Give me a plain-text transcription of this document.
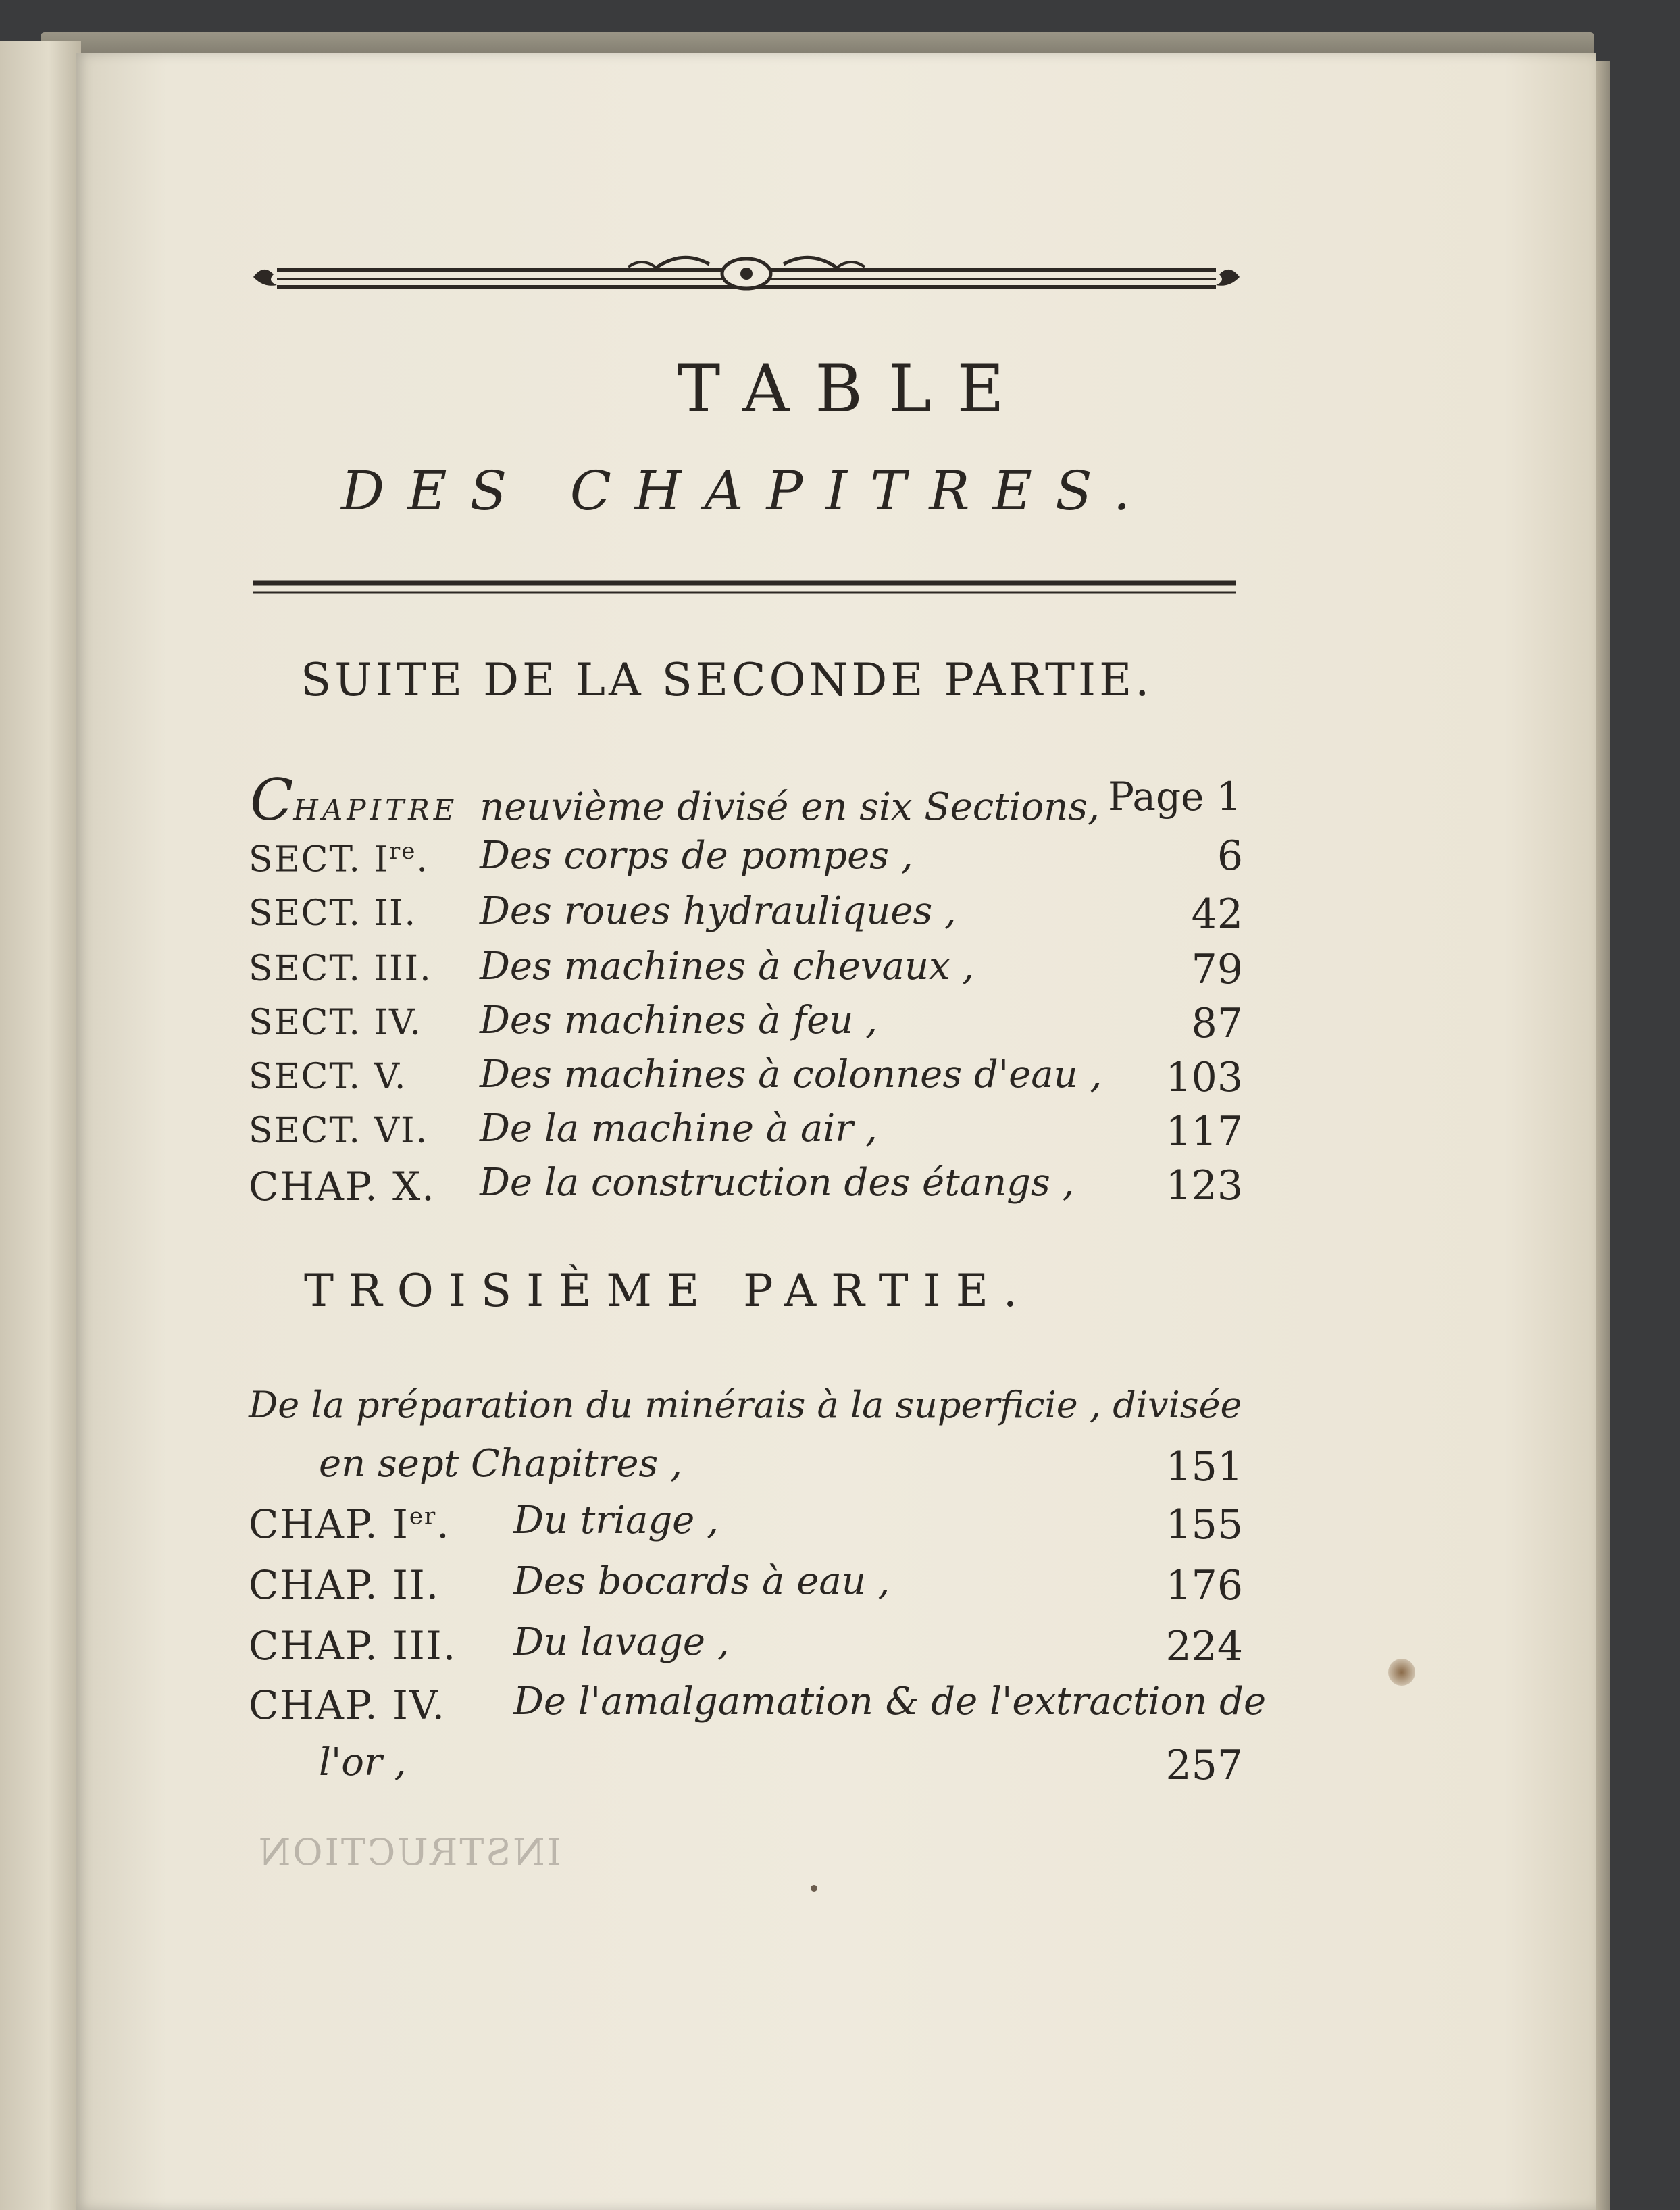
TABLE
DES CHAPITRES.
SUITE DE LA SECONDE PARTIE.
CHAPITRE neuvième divisé en six Sections, Page 1
SECT. Ire. Des corps de pompes ,	6
SECT. II. Des roues hydrauliques ,	42
SECT. III. Des machines à chevaux ,	79
SECT. IV. Des machines à feu ,	87
SECT. V. Des machines à colonnes d'eau ,	103
SECT. VI. De la machine à air ,	117
CHAP. X. De la construction des étangs ,	123
TROISIÈME PARTIE.
De la préparation du minérais à la superficie , divisée
en sept Chapitres ,	151
CHAP. Ier. Du triage ,	155
CHAP. II. Des bocards à eau ,	176
CHAP. III. Du lavage ,	224
CHAP. IV. De l'amalgamation & de l'extraction de
l'or ,	257
INSTRUCTION
